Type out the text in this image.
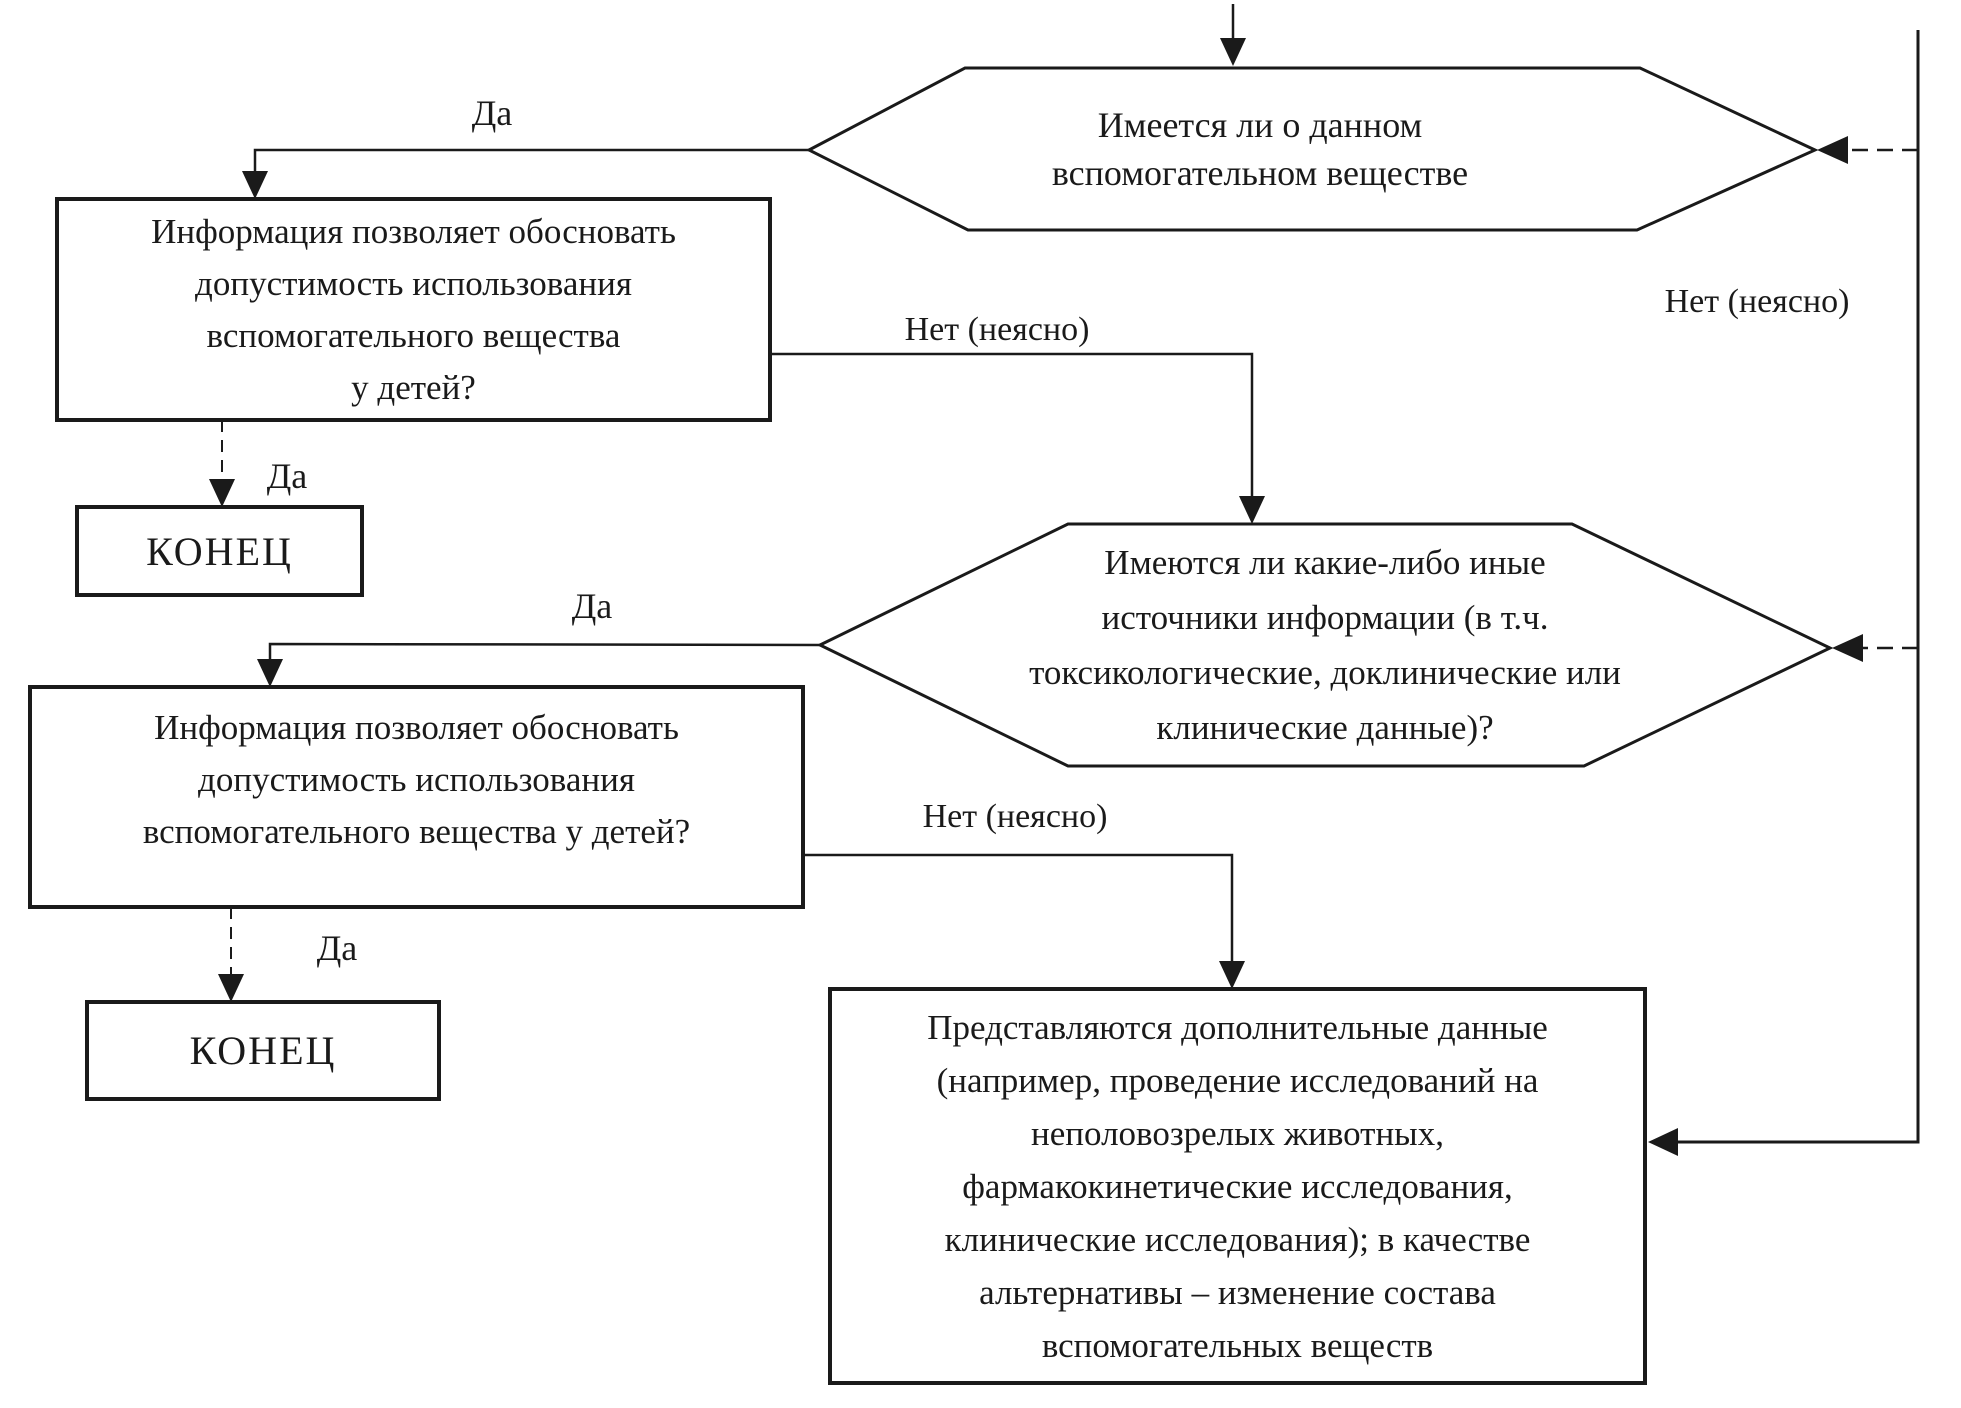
Имеется ли о данном
вспомогательном веществе
Информация позволяет обосновать
допустимость использования
вспомогательного вещества
у детей?
КОНЕЦ	Имеются ли какие-либо иные
источники информации (в т.ч.
токсикологические, доклинические или
клинические данные)?
Информация позволяет обосновать
допустимость использования
вспомогательного вещества у детей?
КОНЕЦ
Представляются дополнительные данные
(например, проведение исследований на
неполовозрелых животных,
фармакокинетические исследования,
клинические исследования); в качестве
альтернативы – изменение состава
вспомогательных веществ
Да
Нет (неясно)
Нет (неясно)
Да
Да
Нет (неясно)
Да
